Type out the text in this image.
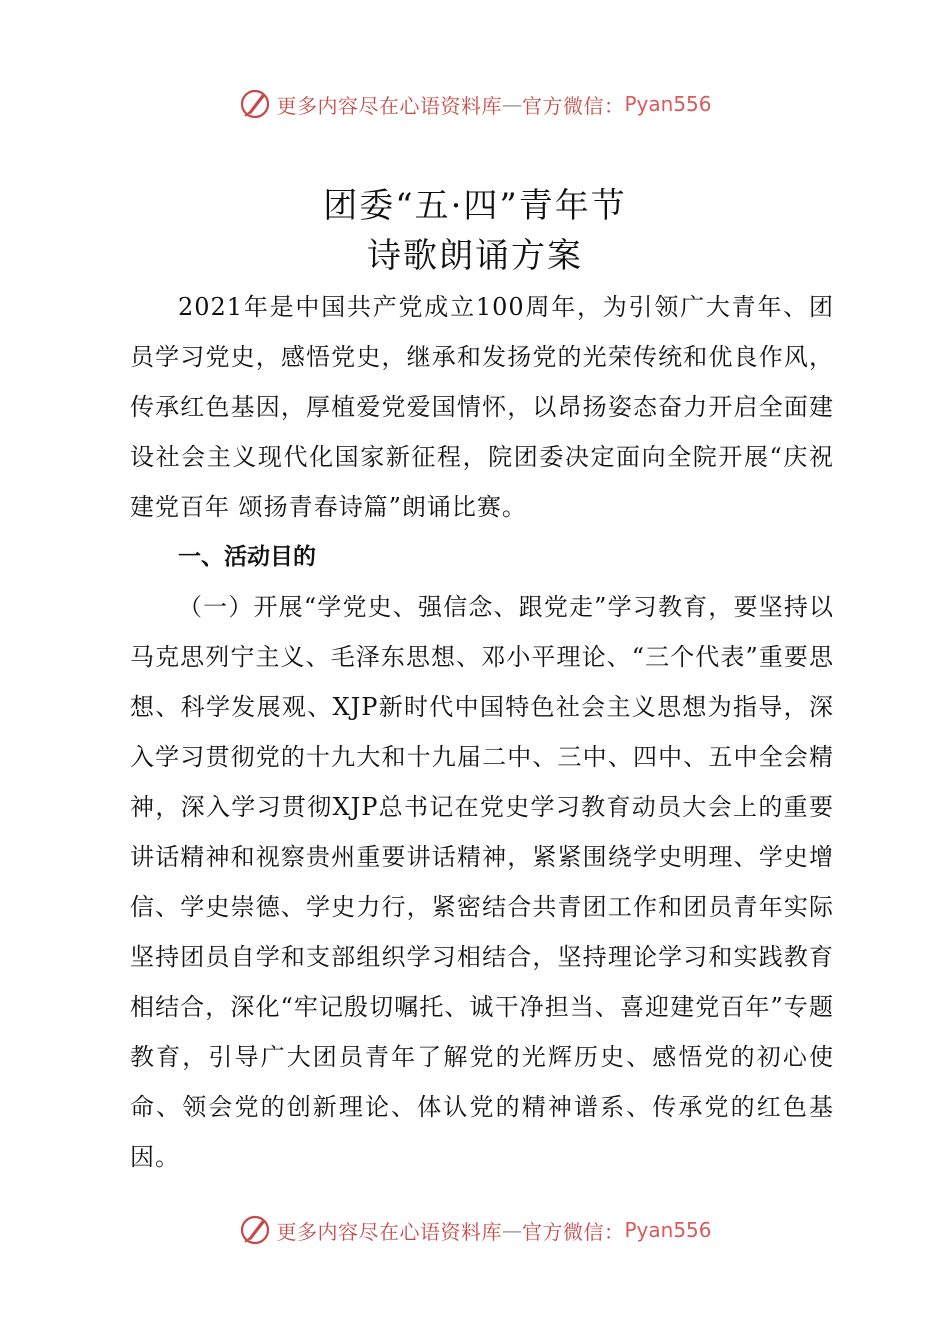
更多内容尽在心语资料库 — 官方微信： Pyan556
团委“五·四”青年节
诗歌朗诵方案

2021年是中国共产党成立100周年，为引领广大青年、团员学习党史，感悟党史，继承和发扬党的光荣传统和优良作风，传承红色基因，厚植爱党爱国情怀，以昂扬姿态奋力开启全面建设社会主义现代化国家新征程，院团委决定面向全院开展“庆祝建党百年 颂扬青春诗篇”朗诵比赛。

一、活动目的

（一）开展“学党史、强信念、跟党走”学习教育，要坚持以马克思列宁主义、毛泽东思想、邓小平理论、“三个代表”重要思想、科学发展观、XJP新时代中国特色社会主义思想为指导，深入学习贯彻党的十九大和十九届二中、三中、四中、五中全会精神，深入学习贯彻XJP总书记在党史学习教育动员大会上的重要讲话精神和视察贵州重要讲话精神，紧紧围绕学史明理、学史增信、学史崇德、学史力行，紧密结合共青团工作和团员青年实际坚持团员自学和支部组织学习相结合，坚持理论学习和实践教育相结合，深化“牢记殷切嘱托、诚干净担当、喜迎建党百年”专题教育，引导广大团员青年了解党的光辉历史、感悟党的初心使命、领会党的创新理论、体认党的精神谱系、传承党的红色基因。

更多内容尽在心语资料库 — 官方微信： Pyan556
